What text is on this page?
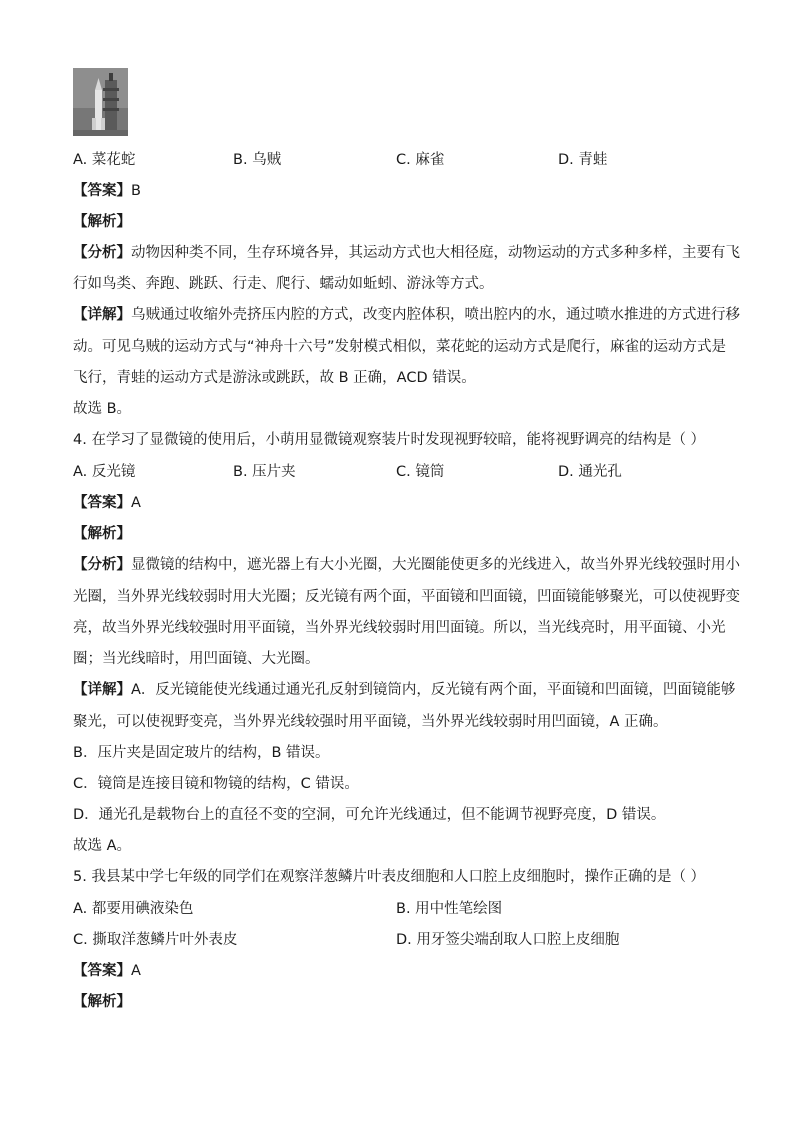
A. 菜花蛇	B. 乌贼	C. 麻雀	D. 青蛙
【答案】B
【解析】
【分析】动物因种类不同，生存环境各异，其运动方式也大相径庭，动物运动的方式多种多样，主要有飞
行如鸟类、奔跑、跳跃、行走、爬行、蠕动如蚯蚓、游泳等方式。
【详解】乌贼通过收缩外壳挤压内腔的方式，改变内腔体积，喷出腔内的水，通过喷水推进的方式进行移
动。可见乌贼的运动方式与“神舟十六号”发射模式相似，菜花蛇的运动方式是爬行，麻雀的运动方式是
飞行，青蛙的运动方式是游泳或跳跃，故 B 正确，ACD 错误。
故选 B。
4. 在学习了显微镜的使用后，小萌用显微镜观察装片时发现视野较暗，能将视野调亮的结构是（ ）
A. 反光镜	B. 压片夹	C. 镜筒	D. 通光孔
【答案】A
【解析】
【分析】显微镜的结构中，遮光器上有大小光圈，大光圈能使更多的光线进入，故当外界光线较强时用小
光圈，当外界光线较弱时用大光圈；反光镜有两个面，平面镜和凹面镜，凹面镜能够聚光，可以使视野变
亮，故当外界光线较强时用平面镜，当外界光线较弱时用凹面镜。所以，当光线亮时，用平面镜、小光
圈；当光线暗时，用凹面镜、大光圈。
【详解】A．反光镜能使光线通过通光孔反射到镜筒内，反光镜有两个面，平面镜和凹面镜，凹面镜能够
聚光，可以使视野变亮，当外界光线较强时用平面镜，当外界光线较弱时用凹面镜，A 正确。
B．压片夹是固定玻片的结构，B 错误。
C．镜筒是连接目镜和物镜的结构，C 错误。
D．通光孔是载物台上的直径不变的空洞，可允许光线通过，但不能调节视野亮度，D 错误。
故选 A。
5. 我县某中学七年级的同学们在观察洋葱鳞片叶表皮细胞和人口腔上皮细胞时，操作正确的是（ ）
A. 都要用碘液染色	B. 用中性笔绘图
C. 撕取洋葱鳞片叶外表皮	D. 用牙签尖端刮取人口腔上皮细胞
【答案】A
【解析】
